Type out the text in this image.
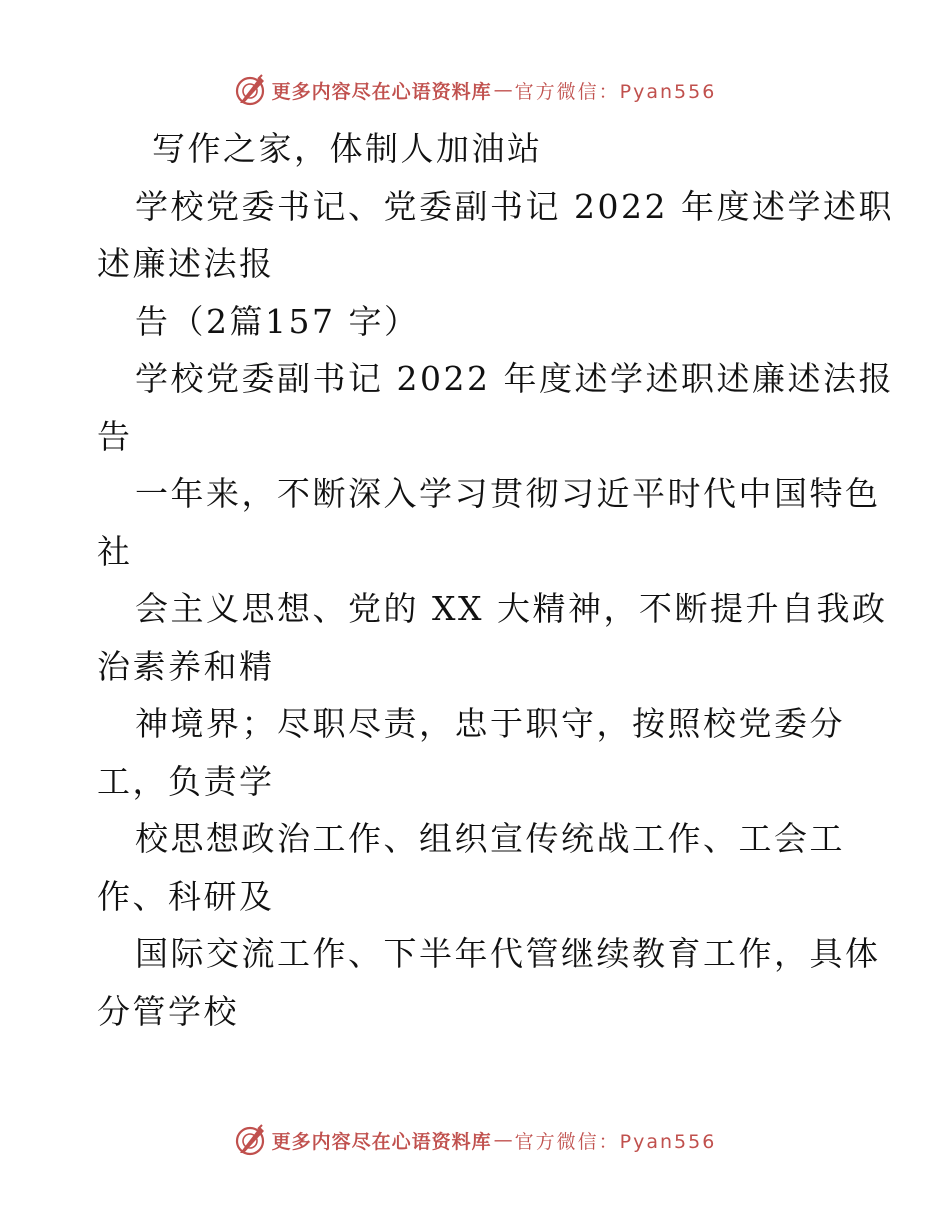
更多内容尽在心语资料库 — 官方微信：Pyan556
写作之家，体制人加油站
学校党委书记、党委副书记 2022 年度述学述职
述廉述法报
告（2篇157 字）
学校党委副书记 2022 年度述学述职述廉述法报
告
一年来，不断深入学习贯彻习近平时代中国特色
社
会主义思想、党的 XX 大精神，不断提升自我政
治素养和精
神境界；尽职尽责，忠于职守，按照校党委分
工，负责学
校思想政治工作、组织宣传统战工作、工会工
作、科研及
国际交流工作、下半年代管继续教育工作，具体
分管学校
更多内容尽在心语资料库 — 官方微信：Pyan556
